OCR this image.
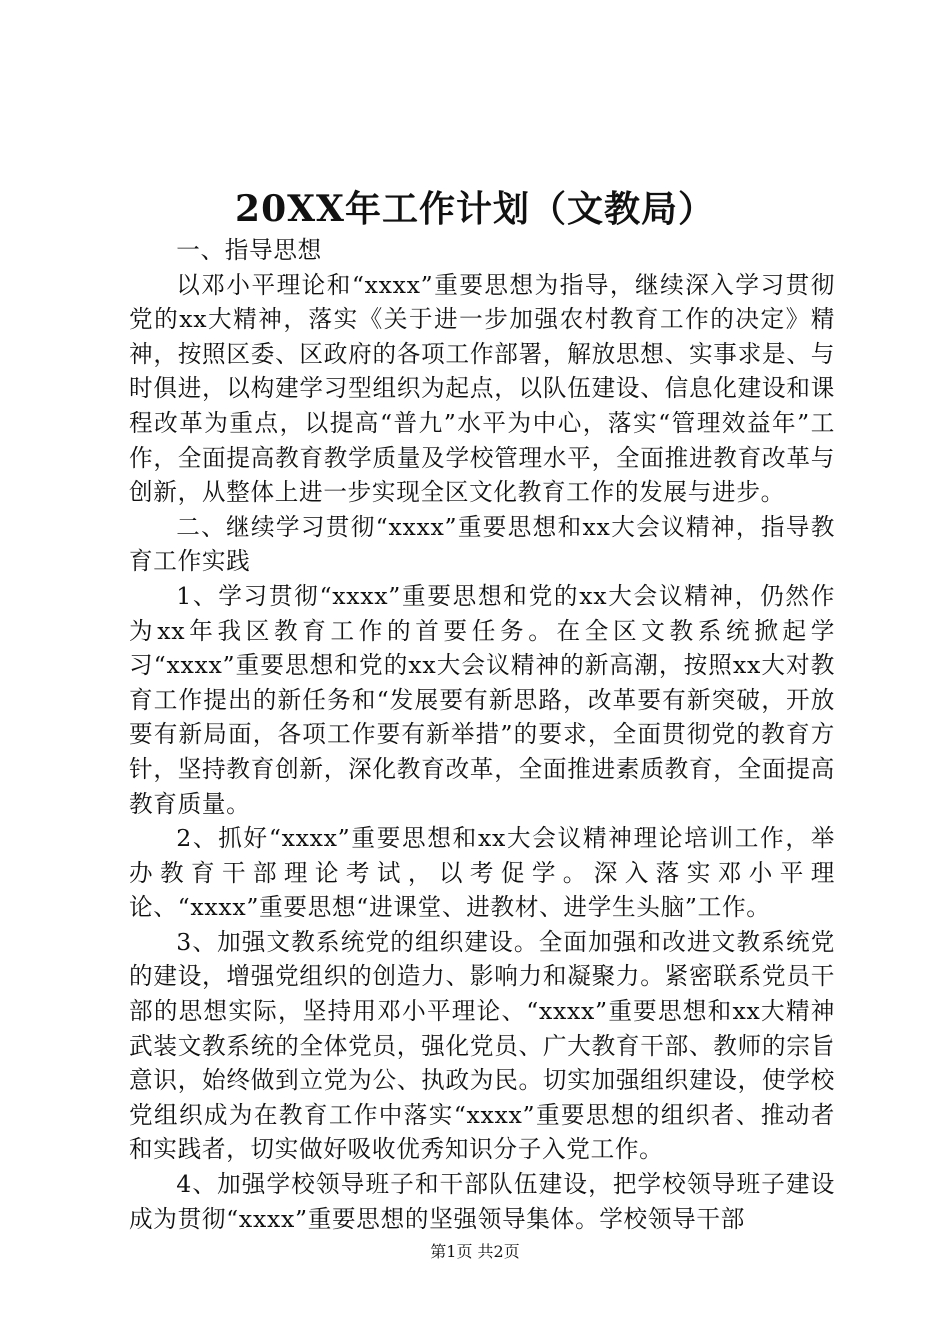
20XX年工作计划（文教局）

一、指导思想

以邓小平理论和“xxxx”重要思想为指导，继续深入学习贯彻党的xx大精神，落实《关于进一步加强农村教育工作的决定》精神，按照区委、区政府的各项工作部署，解放思想、实事求是、与时俱进，以构建学习型组织为起点，以队伍建设、信息化建设和课程改革为重点，以提高“普九”水平为中心，落实“管理效益年”工作，全面提高教育教学质量及学校管理水平，全面推进教育改革与创新，从整体上进一步实现全区文化教育工作的发展与进步。

二、继续学习贯彻“xxxx”重要思想和xx大会议精神，指导教育工作实践

1、学习贯彻“xxxx”重要思想和党的xx大会议精神，仍然作为xx年我区教育工作的首要任务。在全区文教系统掀起学习“xxxx”重要思想和党的xx大会议精神的新高潮，按照xx大对教育工作提出的新任务和“发展要有新思路，改革要有新突破，开放要有新局面，各项工作要有新举措”的要求，全面贯彻党的教育方针，坚持教育创新，深化教育改革，全面推进素质教育，全面提高教育质量。

2、抓好“xxxx”重要思想和xx大会议精神理论培训工作，举办教育干部理论考试，以考促学。深入落实邓小平理论、“xxxx”重要思想“进课堂、进教材、进学生头脑”工作。

3、加强文教系统党的组织建设。全面加强和改进文教系统党的建设，增强党组织的创造力、影响力和凝聚力。紧密联系党员干部的思想实际，坚持用邓小平理论、“xxxx”重要思想和xx大精神武装文教系统的全体党员，强化党员、广大教育干部、教师的宗旨意识，始终做到立党为公、执政为民。切实加强组织建设，使学校党组织成为在教育工作中落实“xxxx”重要思想的组织者、推动者和实践者，切实做好吸收优秀知识分子入党工作。

4、加强学校领导班子和干部队伍建设，把学校领导班子建设成为贯彻“xxxx”重要思想的坚强领导集体。学校领导干部

第1页 共2页
